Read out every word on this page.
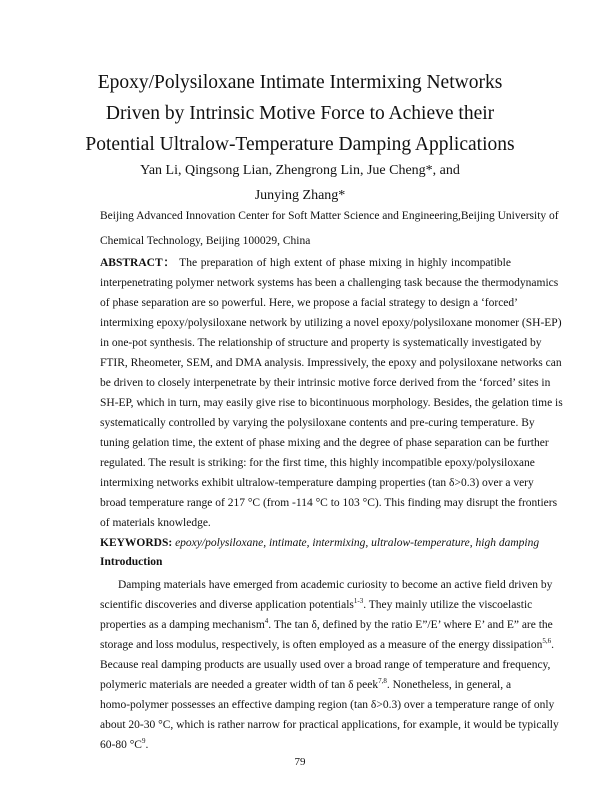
Epoxy/Polysiloxane Intimate Intermixing Networks
Driven by Intrinsic Motive Force to Achieve their
Potential Ultralow-Temperature Damping Applications
Yan Li, Qingsong Lian, Zhengrong Lin, Jue Cheng*, and
Junying Zhang*
Beijing Advanced Innovation Center for Soft Matter Science and Engineering,Beijing University of
Chemical Technology, Beijing 100029, China
ABSTRACT： The preparation of high extent of phase mixing in highly incompatible
interpenetrating polymer network systems has been a challenging task because the thermodynamics
of phase separation are so powerful. Here, we propose a facial strategy to design a ‘forced’
intermixing epoxy/polysiloxane network by utilizing a novel epoxy/polysiloxane monomer (SH-EP)
in one-pot synthesis. The relationship of structure and property is systematically investigated by
FTIR, Rheometer, SEM, and DMA analysis. Impressively, the epoxy and polysiloxane networks can
be driven to closely interpenetrate by their intrinsic motive force derived from the ‘forced’ sites in
SH-EP, which in turn, may easily give rise to bicontinuous morphology. Besides, the gelation time is
systematically controlled by varying the polysiloxane contents and pre-curing temperature. By
tuning gelation time, the extent of phase mixing and the degree of phase separation can be further
regulated. The result is striking: for the first time, this highly incompatible epoxy/polysiloxane
intermixing networks exhibit ultralow-temperature damping properties (tan δ>0.3) over a very
broad temperature range of 217 °C (from -114 °C to 103 °C). This finding may disrupt the frontiers
of materials knowledge.
KEYWORDS: epoxy/polysiloxane, intimate, intermixing, ultralow-temperature, high damping
Introduction
Damping materials have emerged from academic curiosity to become an active field driven by
scientific discoveries and diverse application potentials$^{1-3}$. They mainly utilize the viscoelastic
properties as a damping mechanism$^4$. The tan δ, defined by the ratio E”/E’ where E’ and E” are the
storage and loss modulus, respectively, is often employed as a measure of the energy dissipation$^{5,6}$.
Because real damping products are usually used over a broad range of temperature and frequency,
polymeric materials are needed a greater width of tan δ peek$^{7,8}$. Nonetheless, in general, a
homo-polymer possesses an effective damping region (tan δ>0.3) over a temperature range of only
about 20-30 °C, which is rather narrow for practical applications, for example, it would be typically
60-80 $^\circ C^9$.
79
